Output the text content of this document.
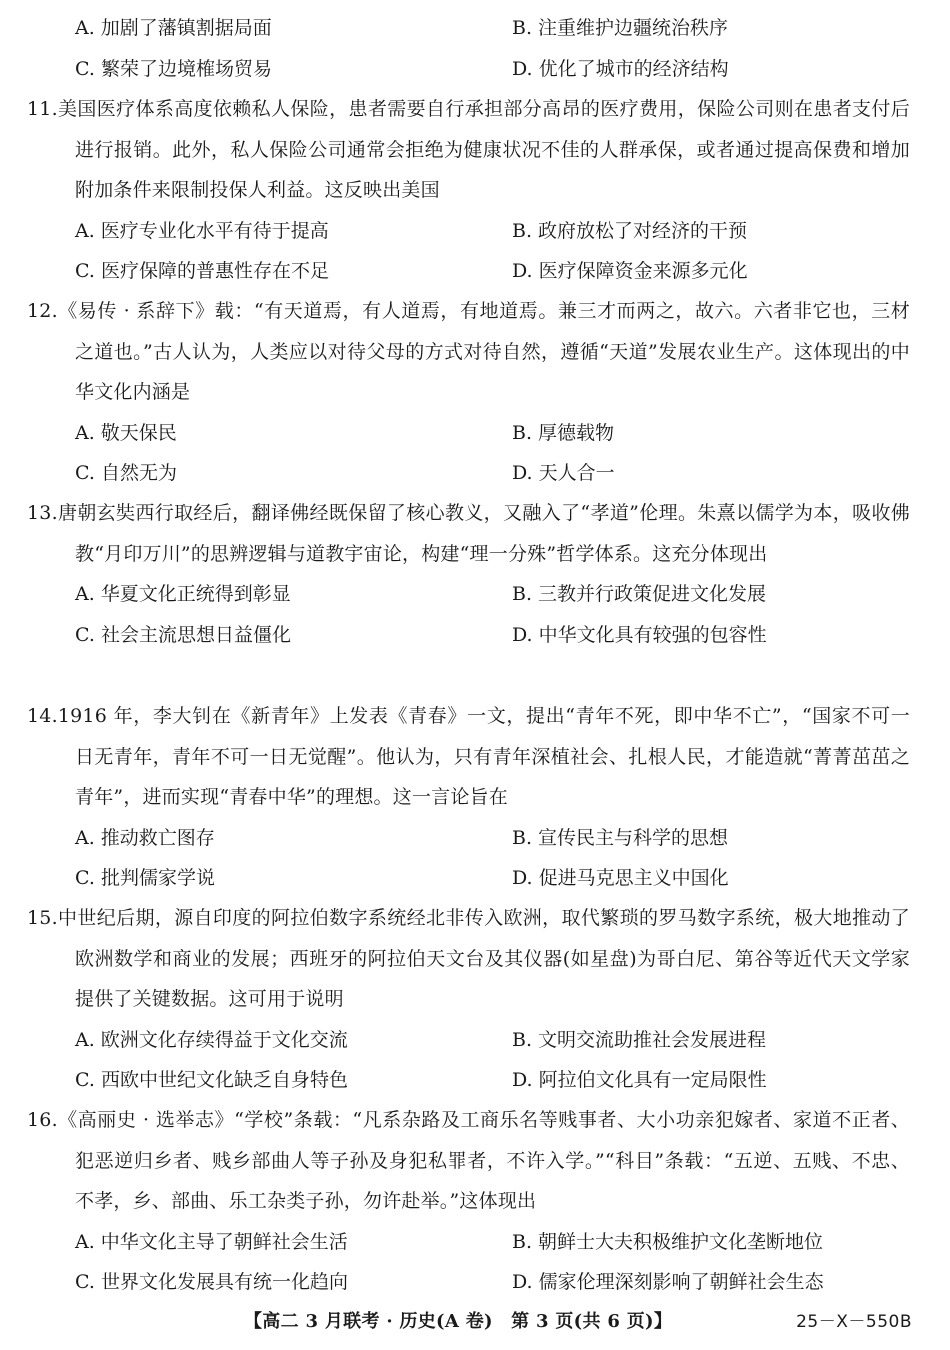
A. 加剧了藩镇割据局面	B. 注重维护边疆统治秩序
C. 繁荣了边境榷场贸易	D. 优化了城市的经济结构

11.美国医疗体系高度依赖私人保险，患者需要自行承担部分高昂的医疗费用，保险公司则在患者支付后进行报销。此外，私人保险公司通常会拒绝为健康状况不佳的人群承保，或者通过提高保费和增加附加条件来限制投保人利益。这反映出美国

A. 医疗专业化水平有待于提高	B. 政府放松了对经济的干预
C. 医疗保障的普惠性存在不足	D. 医疗保障资金来源多元化

12.《易传 · 系辞下》载：“有天道焉，有人道焉，有地道焉。兼三才而两之，故六。六者非它也，三材之道也。”古人认为，人类应以对待父母的方式对待自然，遵循“天道”发展农业生产。这体现出的中华文化内涵是

A. 敬天保民	B. 厚德载物
C. 自然无为	D. 天人合一

13.唐朝玄奘西行取经后，翻译佛经既保留了核心教义，又融入了“孝道”伦理。朱熹以儒学为本，吸收佛教“月印万川”的思辨逻辑与道教宇宙论，构建“理一分殊”哲学体系。这充分体现出

A. 华夏文化正统得到彰显	B. 三教并行政策促进文化发展
C. 社会主流思想日益僵化	D. 中华文化具有较强的包容性

14.1916 年，李大钊在《新青年》上发表《青春》一文，提出“青年不死，即中华不亡”，“国家不可一日无青年，青年不可一日无觉醒”。他认为，只有青年深植社会、扎根人民，才能造就“菁菁茁茁之青年”，进而实现“青春中华”的理想。这一言论旨在

A. 推动救亡图存	B. 宣传民主与科学的思想
C. 批判儒家学说	D. 促进马克思主义中国化

15.中世纪后期，源自印度的阿拉伯数字系统经北非传入欧洲，取代繁琐的罗马数字系统，极大地推动了欧洲数学和商业的发展；西班牙的阿拉伯天文台及其仪器(如星盘)为哥白尼、第谷等近代天文学家提供了关键数据。这可用于说明

A. 欧洲文化存续得益于文化交流	B. 文明交流助推社会发展进程
C. 西欧中世纪文化缺乏自身特色	D. 阿拉伯文化具有一定局限性

16.《高丽史 · 选举志》“学校”条载：“凡系杂路及工商乐名等贱事者、大小功亲犯嫁者、家道不正者、犯恶逆归乡者、贱乡部曲人等子孙及身犯私罪者，不许入学。”“科目”条载：“五逆、五贱、不忠、不孝，乡、部曲、乐工杂类子孙，勿许赴举。”这体现出

A. 中华文化主导了朝鲜社会生活	B. 朝鲜士大夫积极维护文化垄断地位
C. 世界文化发展具有统一化趋向	D. 儒家伦理深刻影响了朝鲜社会生态
【高二 3 月联考 · 历史(A 卷)　第 3 页(共 6 页)】	25－X－550B
